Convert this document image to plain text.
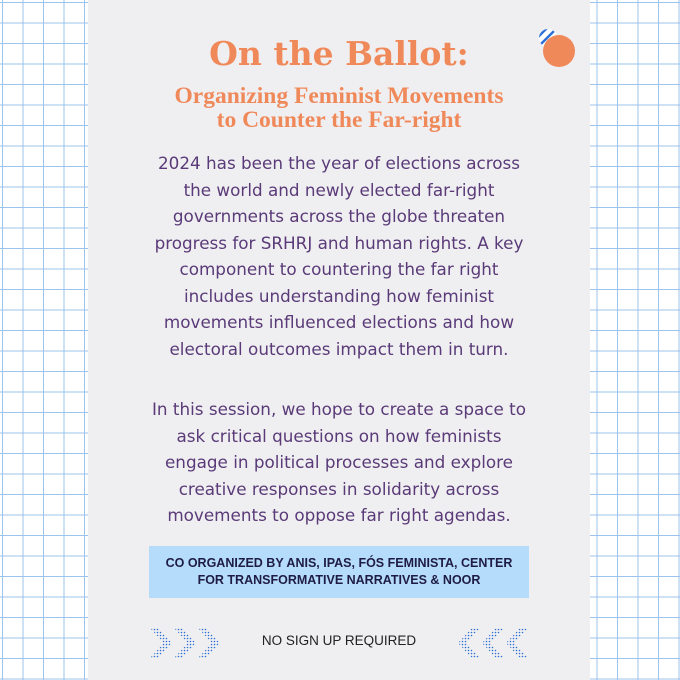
On the Ballot:
Organizing Feminist Movements
to Counter the Far-right

2024 has been the year of elections across
the world and newly elected far-right
governments across the globe threaten
progress for SRHRJ and human rights. A key
component to countering the far right
includes understanding how feminist
movements influenced elections and how
electoral outcomes impact them in turn.

In this session, we hope to create a space to
ask critical questions on how feminists
engage in political processes and explore
creative responses in solidarity across
movements to oppose far right agendas.

CO ORGANIZED BY ANIS, IPAS, FÓS FEMINISTA, CENTER
FOR TRANSFORMATIVE NARRATIVES & NOOR
NO SIGN UP REQUIRED
